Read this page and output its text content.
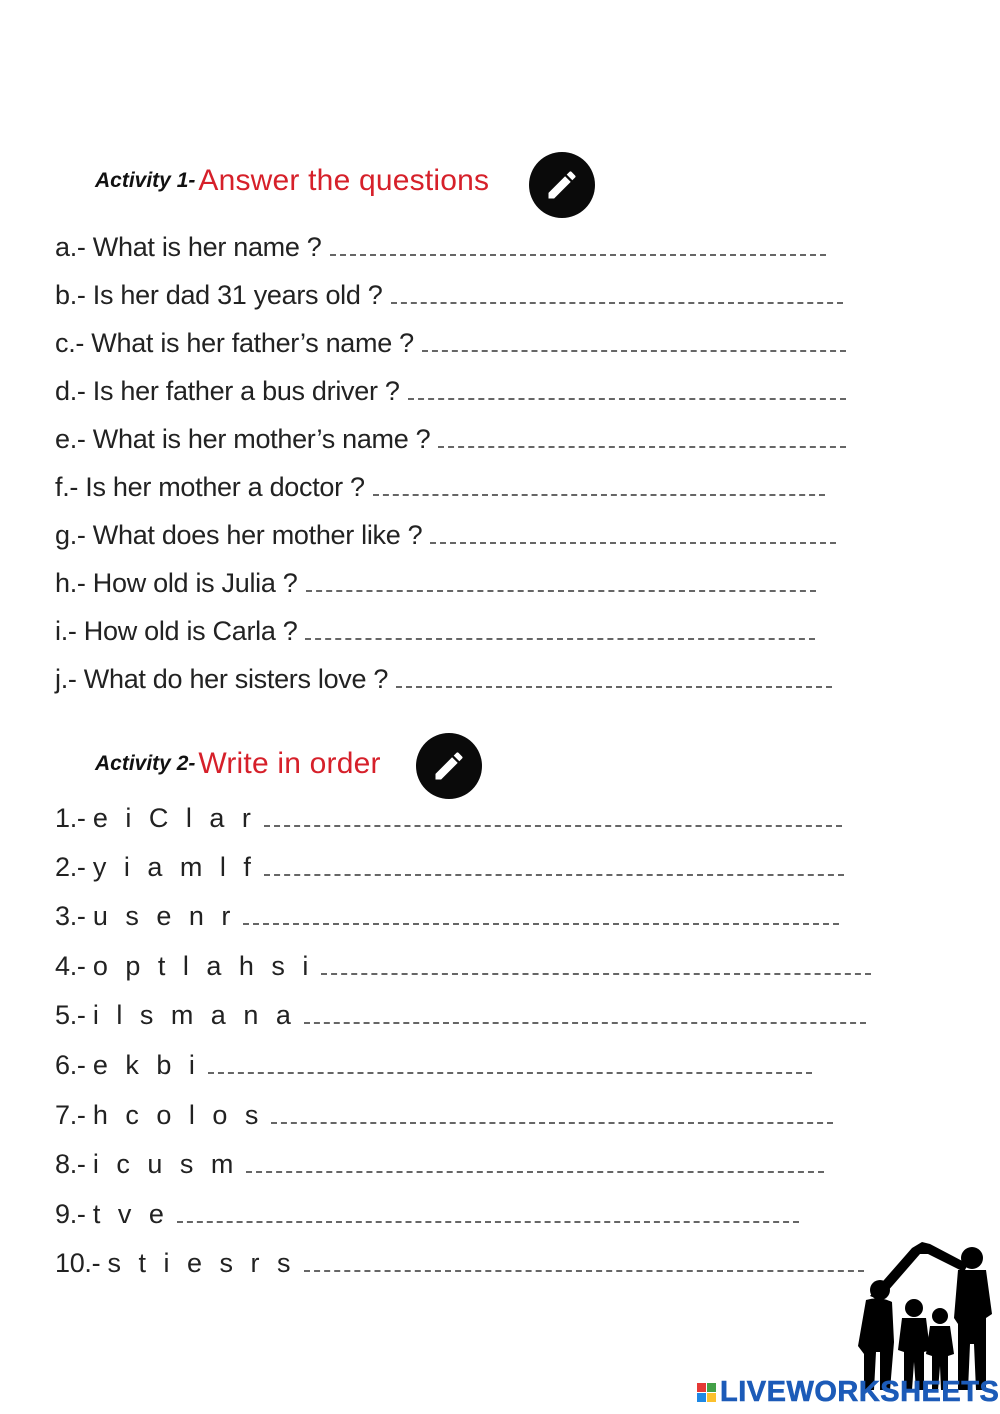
Activity 1- Answer the questions
a.- What is her name ?
b.- Is her dad 31 years old ?
c.- What is her father’s name ?
d.- Is her father a bus driver ?
e.- What is her mother’s name ?
f.- Is her mother a doctor ?
g.- What does her mother like ?
h.- How old is Julia ?
i.- How old is Carla ?
j.- What do her sisters love ?
Activity 2- Write in order
1.- e i C l a r
2.- y i a m l f
3.- u s e n r
4.- o p t l a h s i
5.- i l s m a n a
6.- e k b i
7.- h c o l o s
8.- i c u s m
9.- t v e
10.- s t i e s r s
LIVEWORKSHEETS
